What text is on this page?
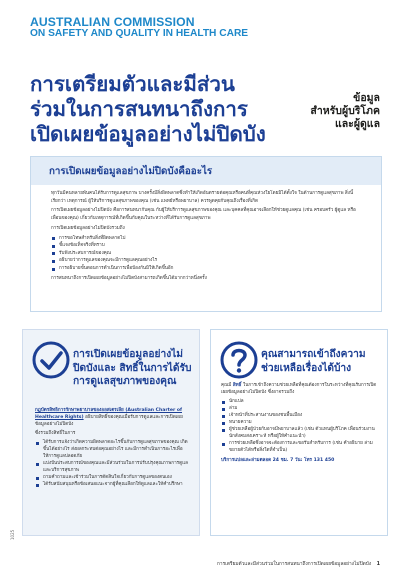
AUSTRALIAN COMMISSION
ON SAFETY AND QUALITY IN HEALTH CARE
การเตรียมตัวและมีส่วน
ร่วมในการสนทนาถึงการ
เปิดเผยข้อมูลอย่างไม่ปิดบัง
ข้อมูล
สำหรับผู้บริโภค
และผู้ดูแล
การเปิดเผยข้อมูลอย่างไม่ปิดบังคืออะไร

ทุกวันมีคนหลายพันคนได้รับการดูแลสุขภาพ บางครั้งมีสิ่งผิดพลาดซึ่งทำให้เกิดอันตรายต่อคุณหรือคนที่คุณห่วงใยโดยมิได้ตั้งใจ ในด้านการดูแลสุขภาพ สิ่งนี้เรียกว่า เหตุการณ์ ผู้ให้บริการดูแลสุขภาพของคุณ (เช่น แพทย์หรือพยาบาล) ควรพูดคุยกับคุณถึงเรื่องที่เกิด

การเปิดเผยข้อมูลอย่างไม่ปิดบัง คือการสนทนากับคุณ กับผู้ให้บริการดูแลสุขภาพของคุณ และบุคคลที่คุณอาจเลือกให้ช่วยดูแลคุณ (เช่น ครอบครัว ผู้ดูแล หรือเพื่อนของคุณ) เกี่ยวกับเหตุการณ์ที่เกิดขึ้นกับคุณในระหว่างที่ได้รับการดูแลสุขภาพ

การเปิดเผยข้อมูลอย่างไม่ปิดบังรวมถึง

การขอโทษสำหรับสิ่งที่ผิดพลาดไป
ชี้แจงข้อเท็จจริงที่ทราบ
รับฟังประสบการณ์ของคุณ
อธิบายว่าการดูแลของคุณจะมีการดูแลคุณอย่างไร
การอธิบายขั้นตอนการดำเนินการเพื่อป้องกันมิให้เกิดขึ้นอีก

การสนทนาถึงการเปิดเผยข้อมูลอย่างไม่ปิดบังสามารถเกิดขึ้นได้มากกว่าหนึ่งครั้ง

การเปิดเผยข้อมูลอย่างไม่ปิดบังและ สิทธิ์ในการได้รับการดูแลสุขภาพของคุณ

กฎบัตรสิทธิการรักษาพยาบาลของออสเตรเลีย (Australian Charter of Healthcare Rights) อธิบายสิทธิ์ของคุณเมื่อรับการดูแลและการเปิดเผยข้อมูลอย่างไม่ปิดบัง

ซึ่งรวมถึงสิทธิ์ในการ

ได้รับการแจ้งว่าเกิดความผิดพลาดอะไรขึ้นกับการดูแลสุขภาพของคุณ เกิดขึ้นได้อย่างไร ส่งผลกระทบต่อคุณอย่างไร และมีการดำเนินการอะไรเพื่อให้การดูแลปลอดภัย
แบ่งปันประสบการณ์ของคุณและมีส่วนร่วมในการปรับปรุงคุณภาพการดูแลและบริการสุขภาพ
ถามคำถามและเข้าร่วมในการตัดสินใจเกี่ยวกับการดูแลของตนเอง
ได้รับสนับสนุนหรือข้อเสนอแนะจากผู้ที่คุณเลือกให้ดูแลและให้คำปรึกษา
คุณสามารถเข้าถึงความช่วยเหลือเรื่องได้บ้าง

คุณมี สิทธิ์ ในการเข้าถึงความช่วยเหลือที่คุณต้องการในระหว่างที่คุณรับการเปิดเผยข้อมูลอย่างไม่ปิดบัง ซึ่งอาจรวมถึง

นักแปล
ล่าม
เจ้าหน้าที่ประสานงานของชนพื้นเมือง
ทนายความ
ผู้ช่วยเหลือผู้ป่วยกับอาจมีพยาบาลแล้ว (เช่น ตัวแทนผู้บริโภค เพื่อนร่วมงาน นักสังคมสงเคราะห์ หรือผู้ให้คำแนะนำ)
การช่วยเหลือซึ่งอาจจะต้องการและขอรับสำหรับการ (เช่น คำอธิบาย ล่าม ขยายตัวได้หรือสิ่งใดที่จำเป็น)

บริการแปลและล่ามตลอด 24 ชม. 7 วัน: โทร 131 450

1025
การเตรียมตัวและมีส่วนร่วมในการสนทนาถึงการเปิดเผยข้อมูลอย่างไม่ปิดบัง 1
